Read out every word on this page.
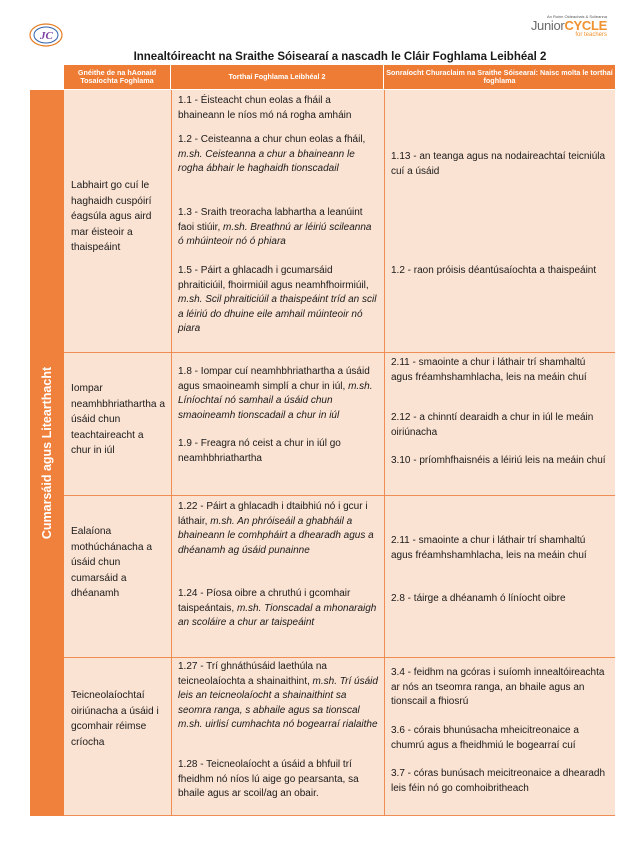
JC
An Roinn Oideachais & Scileanna
JuniorCYCLE
for teachers
Innealtóireacht na Sraithe Sóisearaí a nascadh le Cláir Foghlama Leibhéal 2
Gnéithe de na hAonaid Tosaíochta Foghlama	Torthaí Foghlama Leibhéal 2	Sonraíocht Churaclaim na Sraithe Sóisearaí: Naisc molta le torthaí foghlama
Cumarsáid agus Litearthacht
Labhairt go cuí le haghaidh cuspóirí éagsúla agus aird mar éisteoir a thaispeáint
1.1 - Éisteacht chun eolas a fháil a bhaineann le níos mó ná rogha amháin
1.2 - Ceisteanna a chur chun eolas a fháil, m.sh. Ceisteanna a chur a bhaineann le rogha ábhair le haghaidh tionscadail
1.3 - Sraith treoracha labhartha a leanúint faoi stiúir, m.sh. Breathnú ar léiriú scileanna ó mhúinteoir nó ó phiara
1.5 - Páirt a ghlacadh i gcumarsáid phraiticiúil, fhoirmiúil agus neamhfhoirmiúil, m.sh. Scil phraiticiúil a thaispeáint tríd an scil a léiriú do dhuine eile amhail múinteoir nó piara
1.13 - an teanga agus na nodaireachtaí teicniúla cuí a úsáid
1.2 - raon próisis déantúsaíochta a thaispeáint
Iompar neamhbhriathartha a úsáid chun teachtaireacht a chur in iúl
1.8 - Iompar cuí neamhbhriathartha a úsáid agus smaoineamh simplí a chur in iúl, m.sh. Líníochtaí nó samhail a úsáid chun smaoineamh tionscadail a chur in iúl
1.9 - Freagra nó ceist a chur in iúl go neamhbhriathartha
2.11 - smaointe a chur i láthair trí shamhaltú agus fréamhshamhlacha, leis na meáin chuí
2.12 - a chinntí dearaidh a chur in iúl le meáin oiriúnacha
3.10 - príomhfhaisnéis a léiriú leis na meáin chuí
Ealaíona mothúchánacha a úsáid chun cumarsáid a dhéanamh
1.22 - Páirt a ghlacadh i dtaibhiú nó i gcur i láthair, m.sh. An phróiseáil a ghabháil a bhaineann le comhpháirt a dhearadh agus a dhéanamh ag úsáid punainne
1.24 - Píosa oibre a chruthú i gcomhair taispeántais, m.sh. Tionscadal a mhonaraigh an scoláire a chur ar taispeáint
2.11 - smaointe a chur i láthair trí shamhaltú agus fréamhshamhlacha, leis na meáin chuí
2.8 - táirge a dhéanamh ó líníocht oibre
Teicneolaíochtaí oiriúnacha a úsáid i gcomhair réimse críocha
1.27 - Trí ghnáthúsáid laethúla na teicneolaíochta a shainaithint, m.sh. Trí úsáid leis an teicneolaíocht a shainaithint sa seomra ranga, s abhaile agus sa tionscal m.sh. uirlisí cumhachta nó bogearraí rialaithe
1.28 - Teicneolaíocht a úsáid a bhfuil trí fheidhm nó níos lú aige go pearsanta, sa bhaile agus ar scoil/ag an obair.
3.4 - feidhm na gcóras i suíomh innealtóireachta ar nós an tseomra ranga, an bhaile agus an tionscail a fhiosrú
3.6 - córais bhunúsacha mheicitreonaice a chumrú agus a fheidhmiú le bogearraí cuí
3.7 - córas bunúsach meicitreonaice a dhearadh leis féin nó go comhoibritheach
